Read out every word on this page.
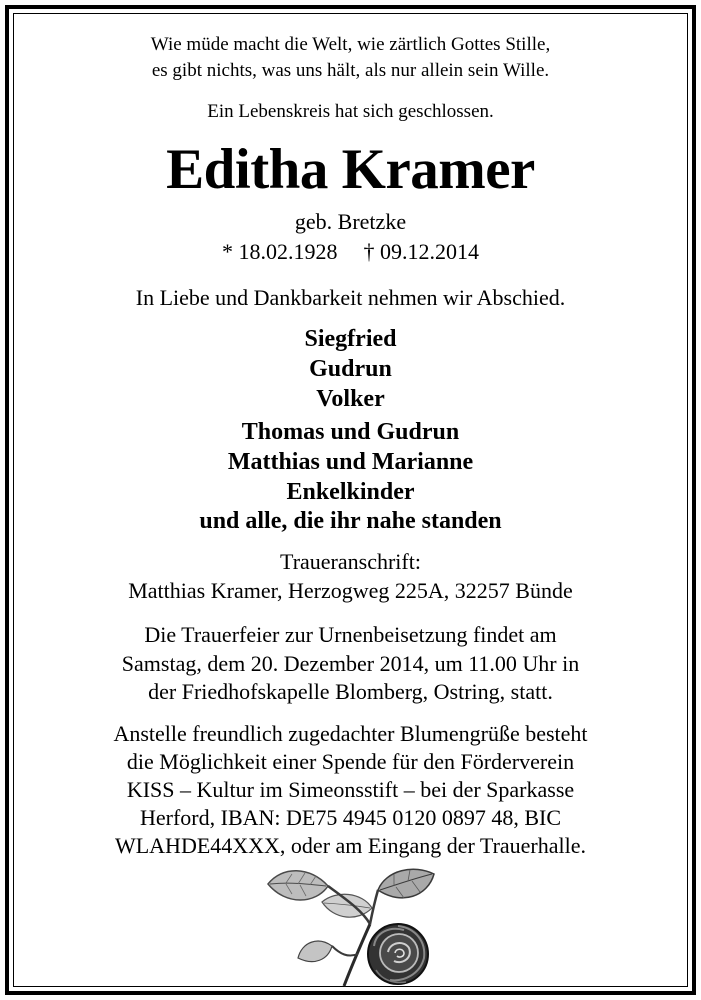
Wie müde macht die Welt, wie zärtlich Gottes Stille,
es gibt nichts, was uns hält, als nur allein sein Wille.
Ein Lebenskreis hat sich geschlossen.
Editha Kramer
geb. Bretzke
* 18.02.1928 † 09.12.2014
In Liebe und Dankbarkeit nehmen wir Abschied.
Siegfried
Gudrun
Volker
Thomas und Gudrun
Matthias und Marianne
Enkelkinder
und alle, die ihr nahe standen
Traueranschrift:
Matthias Kramer, Herzogweg 225A, 32257 Bünde
Die Trauerfeier zur Urnenbeisetzung findet am
Samstag, dem 20. Dezember 2014, um 11.00 Uhr in
der Friedhofskapelle Blomberg, Ostring, statt.
Anstelle freundlich zugedachter Blumengrüße besteht
die Möglichkeit einer Spende für den Förderverein
KISS – Kultur im Simeonsstift – bei der Sparkasse
Herford, IBAN: DE75 4945 0120 0897 48, BIC
WLAHDE44XXX, oder am Eingang der Trauerhalle.
